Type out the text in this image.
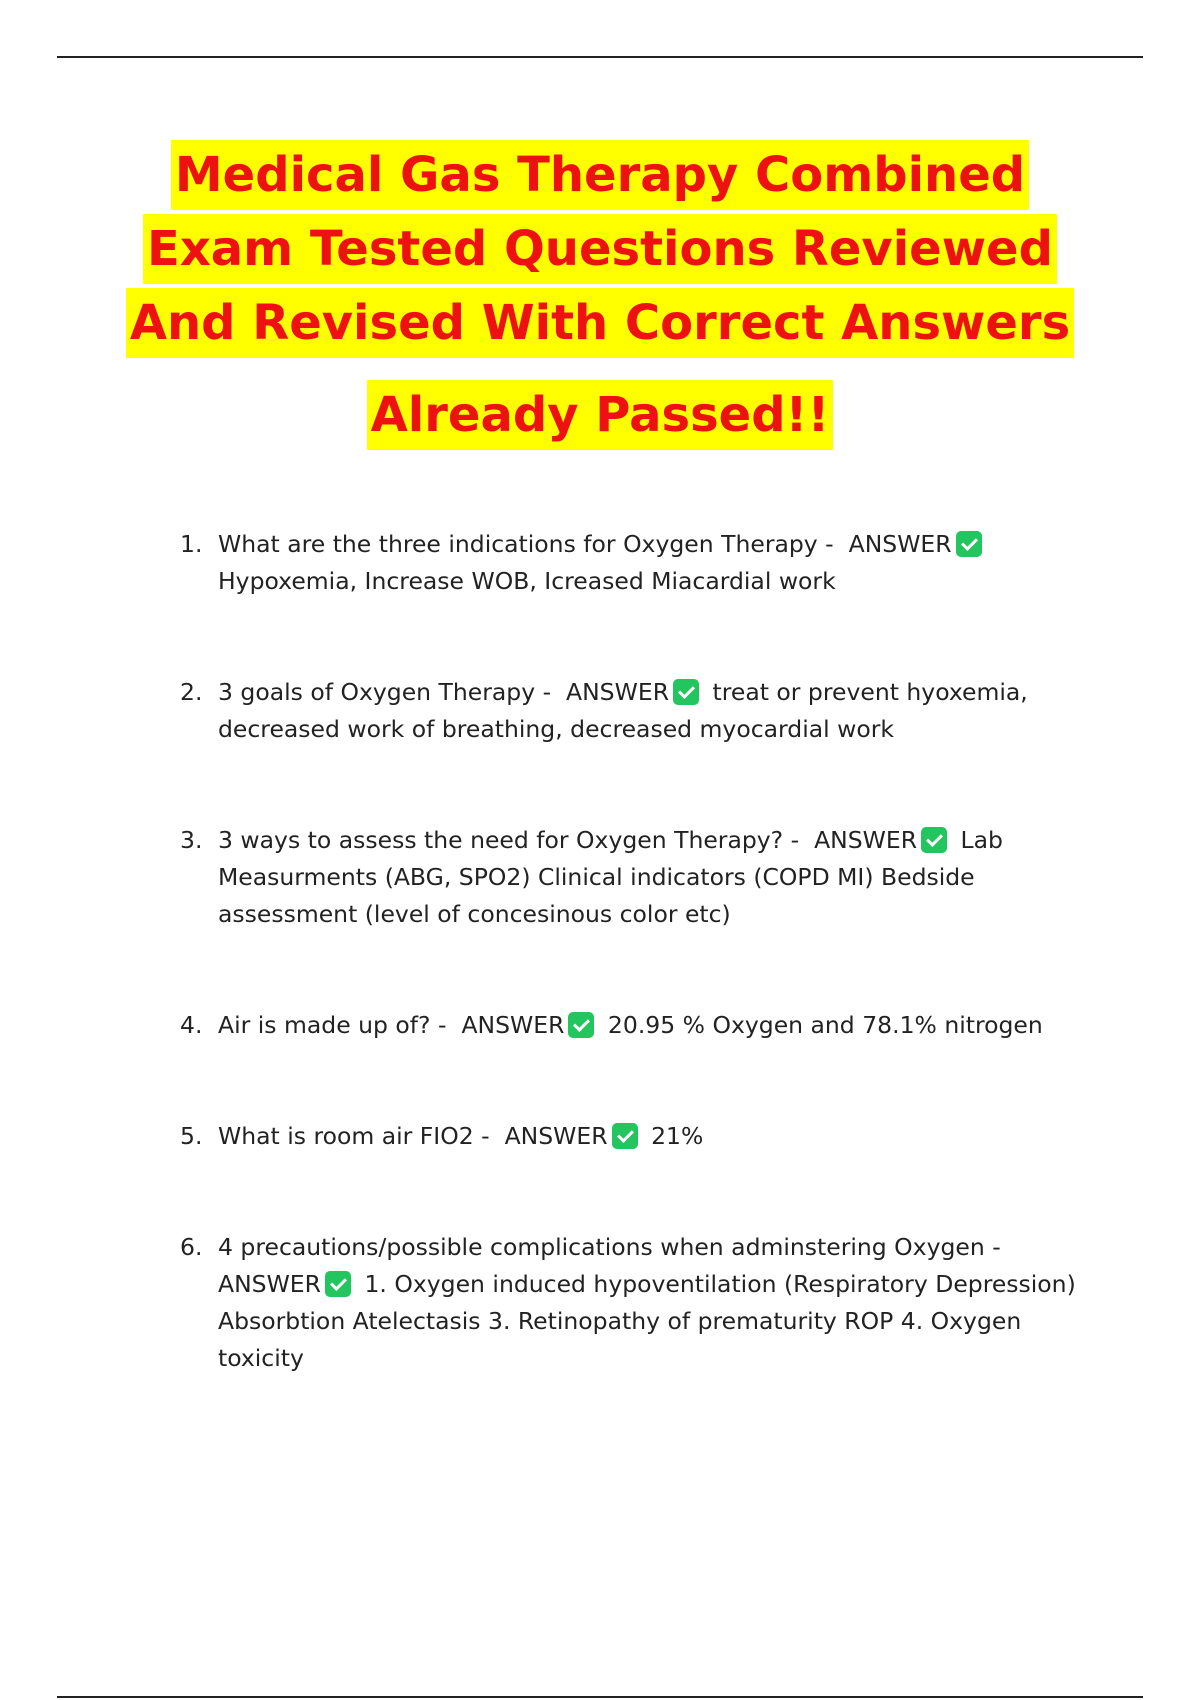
Medical Gas Therapy Combined
Exam Tested Questions Reviewed
And Revised With Correct Answers
Already Passed!!
1. What are the three indications for Oxygen Therapy - ANSWER
Hypoxemia, Increase WOB, Icreased Miacardial work
2. 3 goals of Oxygen Therapy - ANSWER treat or prevent hyoxemia, decreased work of breathing, decreased myocardial work
3. 3 ways to assess the need for Oxygen Therapy? - ANSWER Lab Measurments (ABG, SPO2) Clinical indicators (COPD MI) Bedside assessment (level of concesinous color etc)
4. Air is made up of? - ANSWER 20.95 % Oxygen and 78.1% nitrogen
5. What is room air FIO2 - ANSWER 21%
6. 4 precautions/possible complications when adminstering Oxygen -
ANSWER 1. Oxygen induced hypoventilation (Respiratory Depression) Absorbtion Atelectasis 3. Retinopathy of prematurity ROP 4. Oxygen toxicity
